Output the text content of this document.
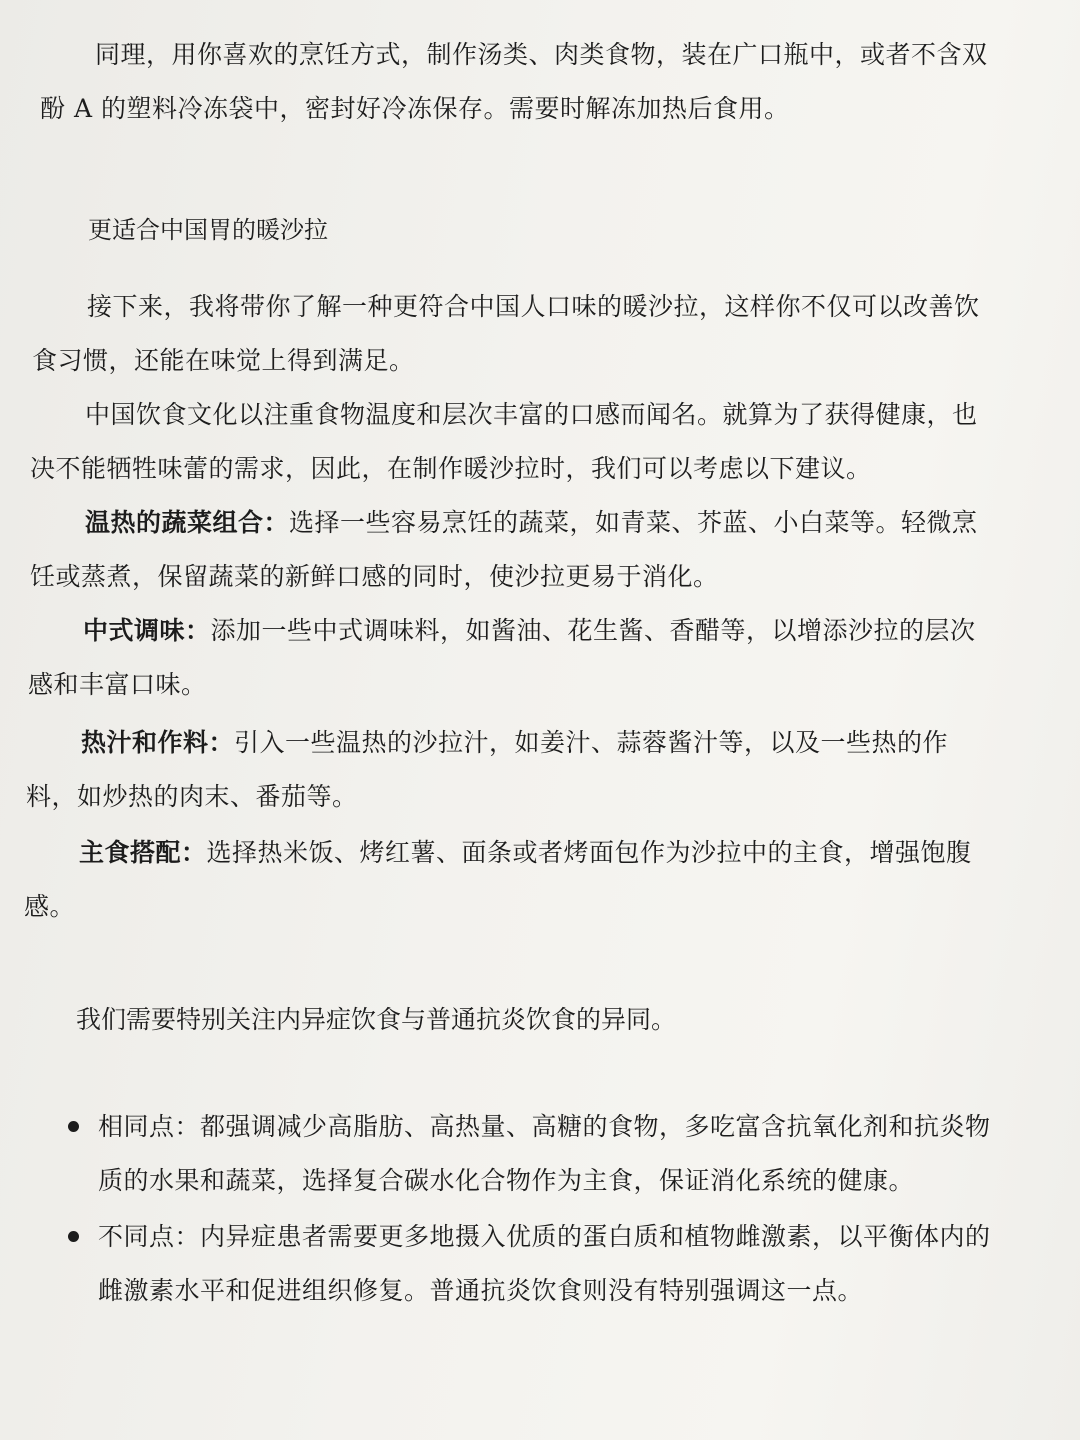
同理，用你喜欢的烹饪方式，制作汤类、肉类食物，装在广口瓶中，或者不含双酚 A 的塑料冷冻袋中，密封好冷冻保存。需要时解冻加热后食用。

更适合中国胃的暖沙拉

接下来，我将带你了解一种更符合中国人口味的暖沙拉，这样你不仅可以改善饮食习惯，还能在味觉上得到满足。

中国饮食文化以注重食物温度和层次丰富的口感而闻名。就算为了获得健康，也决不能牺牲味蕾的需求，因此，在制作暖沙拉时，我们可以考虑以下建议。

温热的蔬菜组合：选择一些容易烹饪的蔬菜，如青菜、芥蓝、小白菜等。轻微烹饪或蒸煮，保留蔬菜的新鲜口感的同时，使沙拉更易于消化。

中式调味：添加一些中式调味料，如酱油、花生酱、香醋等，以增添沙拉的层次感和丰富口味。

热汁和作料：引入一些温热的沙拉汁，如姜汁、蒜蓉酱汁等，以及一些热的作料，如炒热的肉末、番茄等。

主食搭配：选择热米饭、烤红薯、面条或者烤面包作为沙拉中的主食，增强饱腹感。

我们需要特别关注内异症饮食与普通抗炎饮食的异同。

相同点：都强调减少高脂肪、高热量、高糖的食物，多吃富含抗氧化剂和抗炎物质的水果和蔬菜，选择复合碳水化合物作为主食，保证消化系统的健康。
不同点：内异症患者需要更多地摄入优质的蛋白质和植物雌激素，以平衡体内的雌激素水平和促进组织修复。普通抗炎饮食则没有特别强调这一点。
